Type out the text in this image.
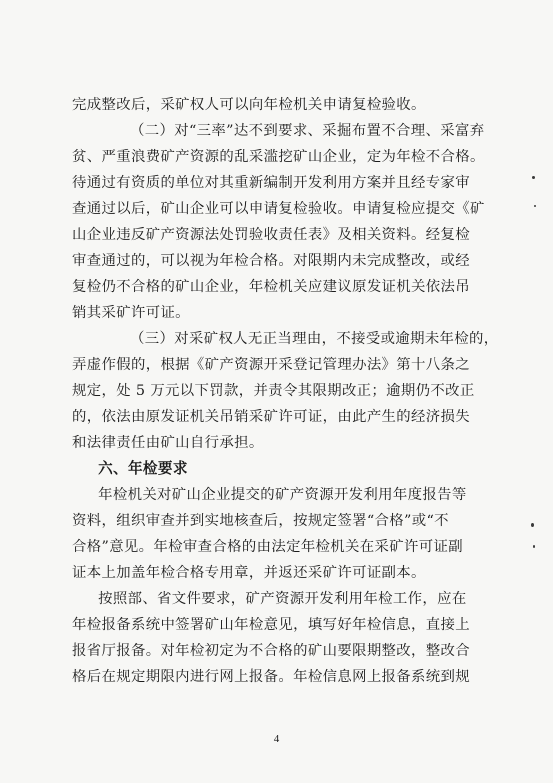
完成整改后，采矿权人可以向年检机关申请复检验收。
（二）对“三率”达不到要求、采掘布置不合理、采富弃
贫、严重浪费矿产资源的乱采滥挖矿山企业，定为年检不合格。
待通过有资质的单位对其重新编制开发利用方案并且经专家审
查通过以后，矿山企业可以申请复检验收。申请复检应提交《矿
山企业违反矿产资源法处罚验收责任表》及相关资料。经复检
审查通过的，可以视为年检合格。对限期内未完成整改，或经
复检仍不合格的矿山企业，年检机关应建议原发证机关依法吊
销其采矿许可证。
（三）对采矿权人无正当理由，不接受或逾期未年检的，
弄虚作假的，根据《矿产资源开采登记管理办法》第十八条之
规定，处 5 万元以下罚款，并责令其限期改正；逾期仍不改正
的，依法由原发证机关吊销采矿许可证，由此产生的经济损失
和法律责任由矿山自行承担。
六、年检要求
年检机关对矿山企业提交的矿产资源开发利用年度报告等
资料，组织审查并到实地核查后，按规定签署“合格”或“不
合格”意见。年检审查合格的由法定年检机关在采矿许可证副
证本上加盖年检合格专用章，并返还采矿许可证副本。
按照部、省文件要求，矿产资源开发利用年检工作，应在
年检报备系统中签署矿山年检意见，填写好年检信息，直接上
报省厅报备。对年检初定为不合格的矿山要限期整改，整改合
格后在规定期限内进行网上报备。年检信息网上报备系统到规
4
